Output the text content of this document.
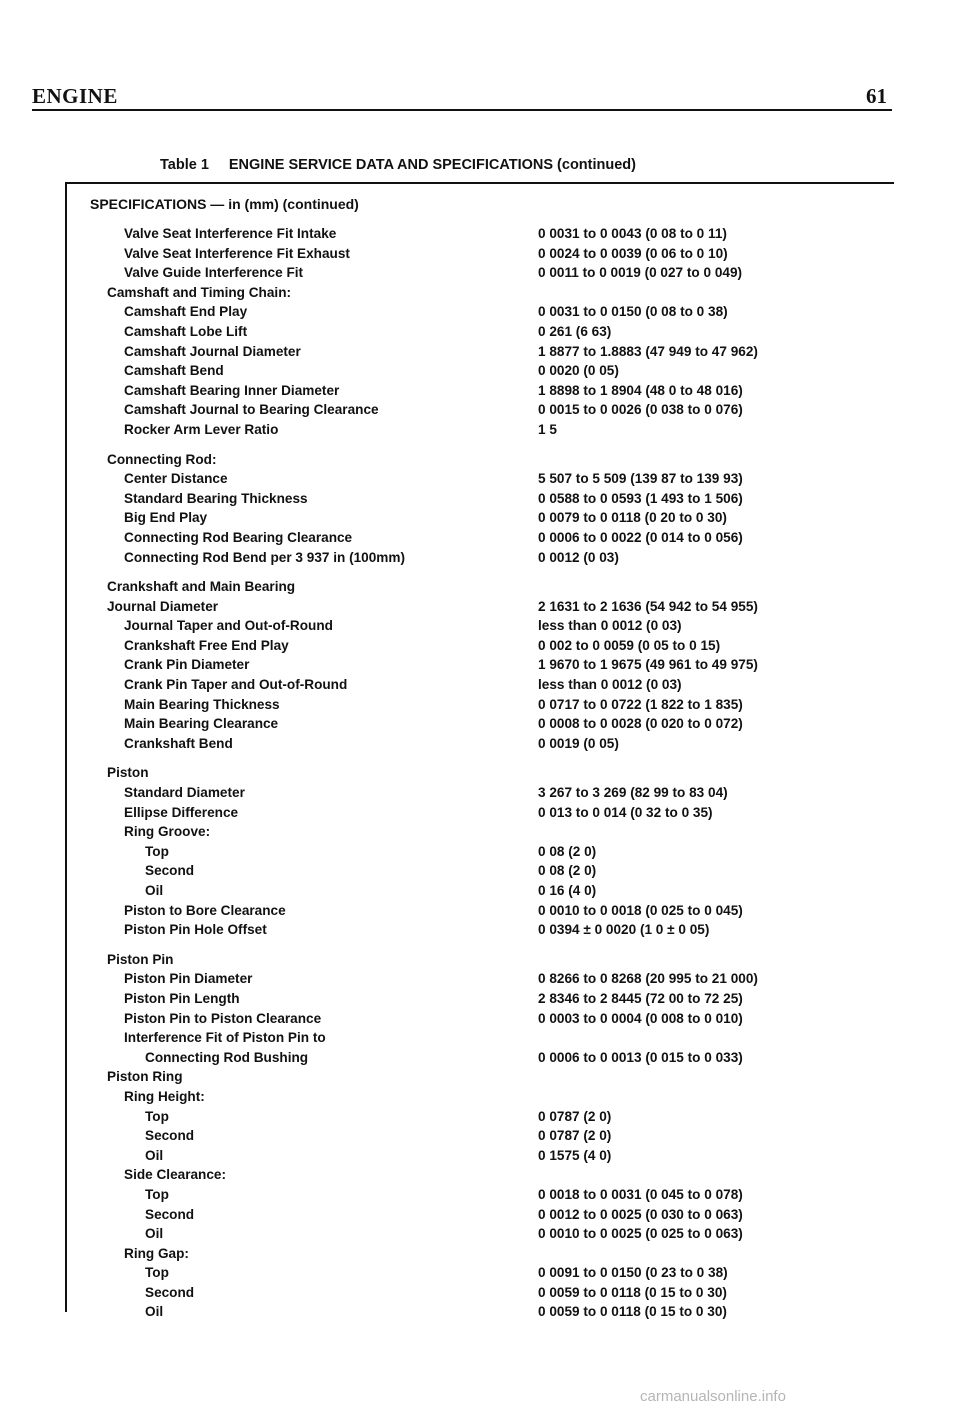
ENGINE	61
Table 1 ENGINE SERVICE DATA AND SPECIFICATIONS (continued)
SPECIFICATIONS — in (mm) (continued)
Valve Seat Interference Fit Intake	0 0031 to 0 0043 (0 08 to 0 11)
Valve Seat Interference Fit Exhaust	0 0024 to 0 0039 (0 06 to 0 10)
Valve Guide Interference Fit	0 0011 to 0 0019 (0 027 to 0 049)
Camshaft and Timing Chain:
Camshaft End Play	0 0031 to 0 0150 (0 08 to 0 38)
Camshaft Lobe Lift	0 261 (6 63)
Camshaft Journal Diameter	1 8877 to 1.8883 (47 949 to 47 962)
Camshaft Bend	0 0020 (0 05)
Camshaft Bearing Inner Diameter	1 8898 to 1 8904 (48 0 to 48 016)
Camshaft Journal to Bearing Clearance	0 0015 to 0 0026 (0 038 to 0 076)
Rocker Arm Lever Ratio	1 5
Connecting Rod:
Center Distance	5 507 to 5 509 (139 87 to 139 93)
Standard Bearing Thickness	0 0588 to 0 0593 (1 493 to 1 506)
Big End Play	0 0079 to 0 0118 (0 20 to 0 30)
Connecting Rod Bearing Clearance	0 0006 to 0 0022 (0 014 to 0 056)
Connecting Rod Bend per 3 937 in (100mm)	0 0012 (0 03)
Crankshaft and Main Bearing
Journal Diameter	2 1631 to 2 1636 (54 942 to 54 955)
Journal Taper and Out-of-Round	less than 0 0012 (0 03)
Crankshaft Free End Play	0 002 to 0 0059 (0 05 to 0 15)
Crank Pin Diameter	1 9670 to 1 9675 (49 961 to 49 975)
Crank Pin Taper and Out-of-Round	less than 0 0012 (0 03)
Main Bearing Thickness	0 0717 to 0 0722 (1 822 to 1 835)
Main Bearing Clearance	0 0008 to 0 0028 (0 020 to 0 072)
Crankshaft Bend	0 0019 (0 05)
Piston
Standard Diameter	3 267 to 3 269 (82 99 to 83 04)
Ellipse Difference	0 013 to 0 014 (0 32 to 0 35)
Ring Groove:
Top	0 08 (2 0)
Second	0 08 (2 0)
Oil	0 16 (4 0)
Piston to Bore Clearance	0 0010 to 0 0018 (0 025 to 0 045)
Piston Pin Hole Offset	0 0394 ± 0 0020 (1 0 ± 0 05)
Piston Pin
Piston Pin Diameter	0 8266 to 0 8268 (20 995 to 21 000)
Piston Pin Length	2 8346 to 2 8445 (72 00 to 72 25)
Piston Pin to Piston Clearance	0 0003 to 0 0004 (0 008 to 0 010)
Interference Fit of Piston Pin to
Connecting Rod Bushing	0 0006 to 0 0013 (0 015 to 0 033)
Piston Ring
Ring Height:
Top	0 0787 (2 0)
Second	0 0787 (2 0)
Oil	0 1575 (4 0)
Side Clearance:
Top	0 0018 to 0 0031 (0 045 to 0 078)
Second	0 0012 to 0 0025 (0 030 to 0 063)
Oil	0 0010 to 0 0025 (0 025 to 0 063)
Ring Gap:
Top	0 0091 to 0 0150 (0 23 to 0 38)
Second	0 0059 to 0 0118 (0 15 to 0 30)
Oil	0 0059 to 0 0118 (0 15 to 0 30)
carmanualsonline.info
